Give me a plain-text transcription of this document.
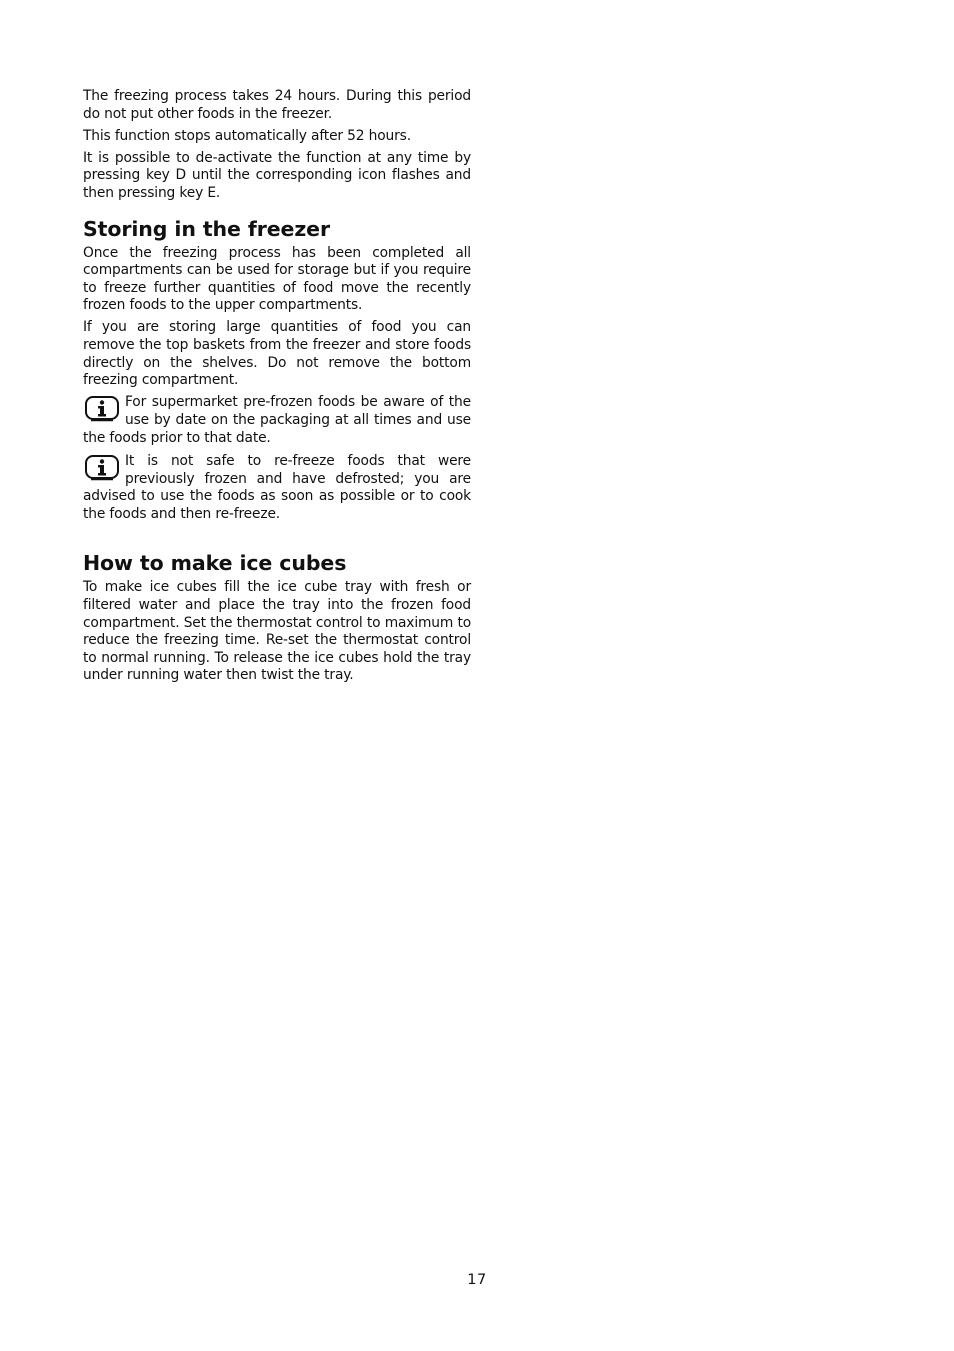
The freezing process takes 24 hours. During this period do not put other foods in the freezer.

This function stops automatically after 52 hours.

It is possible to de-activate the function at any time by pressing key D until the corresponding icon flashes and then pressing key E.

Storing in the freezer

Once the freezing process has been completed all compartments can be used for storage but if you require to freeze further quantities of food move the recently frozen foods to the upper compartments.

If you are storing large quantities of food you can remove the top baskets from the freezer and store foods directly on the shelves. Do not remove the bottom freezing compartment.

For supermarket pre-frozen foods be aware of the use by date on the packaging at all times and use the foods prior to that date.

It is not safe to re-freeze foods that were previously frozen and have defrosted; you are advised to use the foods as soon as possible or to cook the foods and then re-freeze.

How to make ice cubes

To make ice cubes fill the ice cube tray with fresh or filtered water and place the tray into the frozen food compartment. Set the thermostat control to maximum to reduce the freezing time. Re-set the thermostat control to normal running. To release the ice cubes hold the tray under running water then twist the tray.

17
